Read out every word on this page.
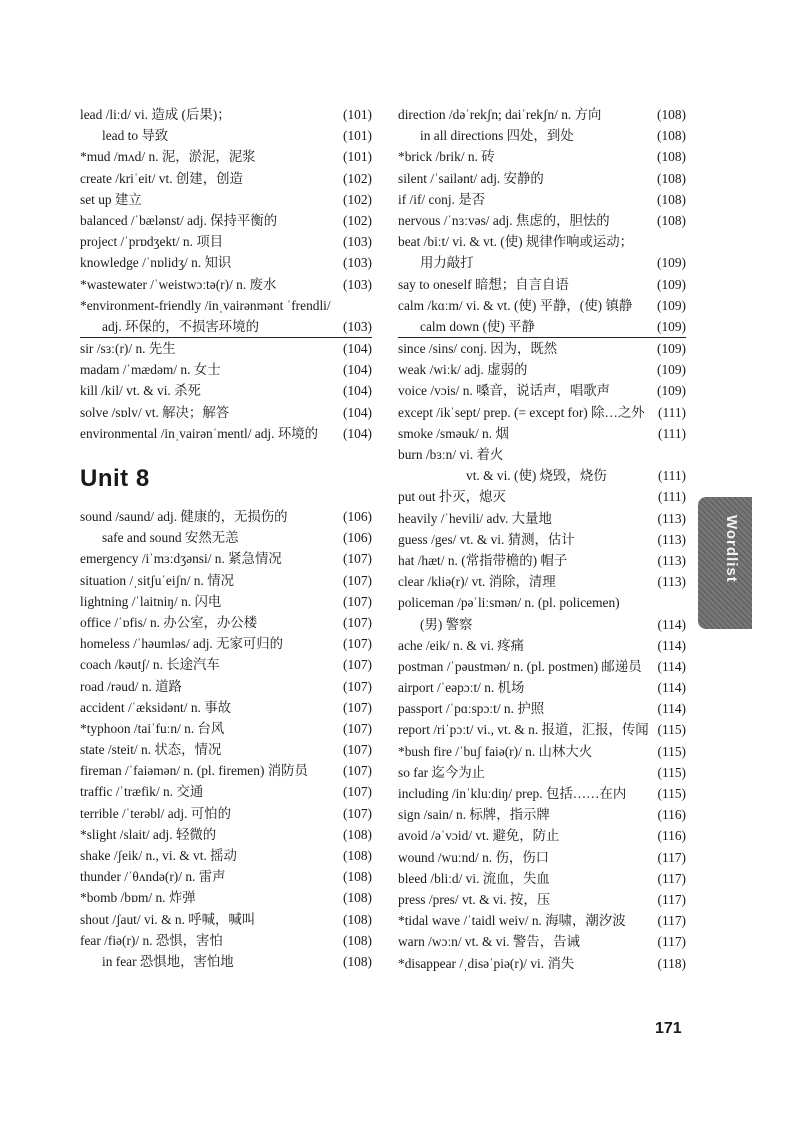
lead /liːd/ vi. 造成 (后果)；	(101)
lead to 导致	(101)
*mud /mʌd/ n. 泥，淤泥，泥浆	(101)
create /kriˈeit/ vt. 创建，创造	(102)
set up 建立	(102)
balanced /ˈbælənst/ adj. 保持平衡的	(102)
project /ˈprɒdʒekt/ n. 项目	(103)
knowledge /ˈnɒlidʒ/ n. 知识	(103)
*wastewater /ˈweistwɔːtə(r)/ n. 废水	(103)
*environment-friendly /inˌvairənmənt ˈfrendli/
adj. 环保的，不损害环境的	(103)
sir /sɜː(r)/ n. 先生	(104)
madam /ˈmædəm/ n. 女士	(104)
kill /kil/ vt. & vi. 杀死	(104)
solve /sɒlv/ vt. 解决；解答	(104)
environmental /inˌvairənˈmentl/ adj. 环境的 (104)
Unit 8
sound /saund/ adj. 健康的，无损伤的	(106)
safe and sound 安然无恙	(106)
emergency /iˈmɜːdʒənsi/ n. 紧急情况	(107)
situation /ˌsitʃuˈeiʃn/ n. 情况	(107)
lightning /ˈlaitniŋ/ n. 闪电	(107)
office /ˈɒfis/ n. 办公室，办公楼	(107)
homeless /ˈhəumləs/ adj. 无家可归的	(107)
coach /kəutʃ/ n. 长途汽车	(107)
road /rəud/ n. 道路	(107)
accident /ˈæksidənt/ n. 事故	(107)
*typhoon /taiˈfuːn/ n. 台风	(107)
state /steit/ n. 状态，情况	(107)
fireman /ˈfaiəmən/ n. (pl. firemen) 消防员	(107)
traffic /ˈtræfik/ n. 交通	(107)
terrible /ˈterəbl/ adj. 可怕的	(107)
*slight /slait/ adj. 轻微的	(108)
shake /ʃeik/ n., vi. & vt. 摇动	(108)
thunder /ˈθʌndə(r)/ n. 雷声	(108)
*bomb /bɒm/ n. 炸弹	(108)
shout /ʃaut/ vi. & n. 呼喊，喊叫	(108)
fear /fiə(r)/ n. 恐惧，害怕	(108)
in fear 恐惧地，害怕地	(108)
direction /dəˈrekʃn; daiˈrekʃn/ n. 方向	(108)
in all directions 四处，到处	(108)
*brick /brik/ n. 砖	(108)
silent /ˈsailənt/ adj. 安静的	(108)
if /if/ conj. 是否	(108)
nervous /ˈnɜːvəs/ adj. 焦虑的，胆怯的	(108)
beat /biːt/ vi. & vt. (使) 规律作响或运动；
用力敲打	(109)
say to oneself 暗想；自言自语	(109)
calm /kɑːm/ vi. & vt. (使) 平静，(使) 镇静 (109)
calm down (使) 平静	(109)
since /sins/ conj. 因为，既然	(109)
weak /wiːk/ adj. 虚弱的	(109)
voice /vɔis/ n. 嗓音，说话声，唱歌声	(109)
except /ikˈsept/ prep. (= except for) 除…之外 (111)
smoke /sməuk/ n. 烟	(111)
burn /bɜːn/ vi. 着火
vt. & vi. (使) 烧毁，烧伤	(111)
put out 扑灭，熄灭	(111)
heavily /ˈhevili/ adv. 大量地	(113)
guess /ges/ vt. & vi. 猜测，估计	(113)
hat /hæt/ n. (常指带檐的) 帽子	(113)
clear /kliə(r)/ vt. 消除，清理	(113)
policeman /pəˈliːsmən/ n. (pl. policemen)
(男) 警察	(114)
ache /eik/ n. & vi. 疼痛	(114)
postman /ˈpəustmən/ n. (pl. postmen) 邮递员 (114)
airport /ˈeəpɔːt/ n. 机场	(114)
passport /ˈpɑːspɔːt/ n. 护照	(114)
report /riˈpɔːt/ vi., vt. & n. 报道，汇报，传闻 (115)
*bush fire /ˈbuʃ faiə(r)/ n. 山林大火	(115)
so far 迄今为止	(115)
including /inˈkluːdiŋ/ prep. 包括……在内 (115)
sign /sain/ n. 标牌，指示牌	(116)
avoid /əˈvɔid/ vt. 避免，防止	(116)
wound /wuːnd/ n. 伤，伤口	(117)
bleed /bliːd/ vi. 流血，失血	(117)
press /pres/ vt. & vi. 按，压	(117)
*tidal wave /ˈtaidl weiv/ n. 海啸，潮汐波 (117)
warn /wɔːn/ vt. & vi. 警告，告诫	(117)
*disappear /ˌdisəˈpiə(r)/ vi. 消失	(118)
Wordlist
171
